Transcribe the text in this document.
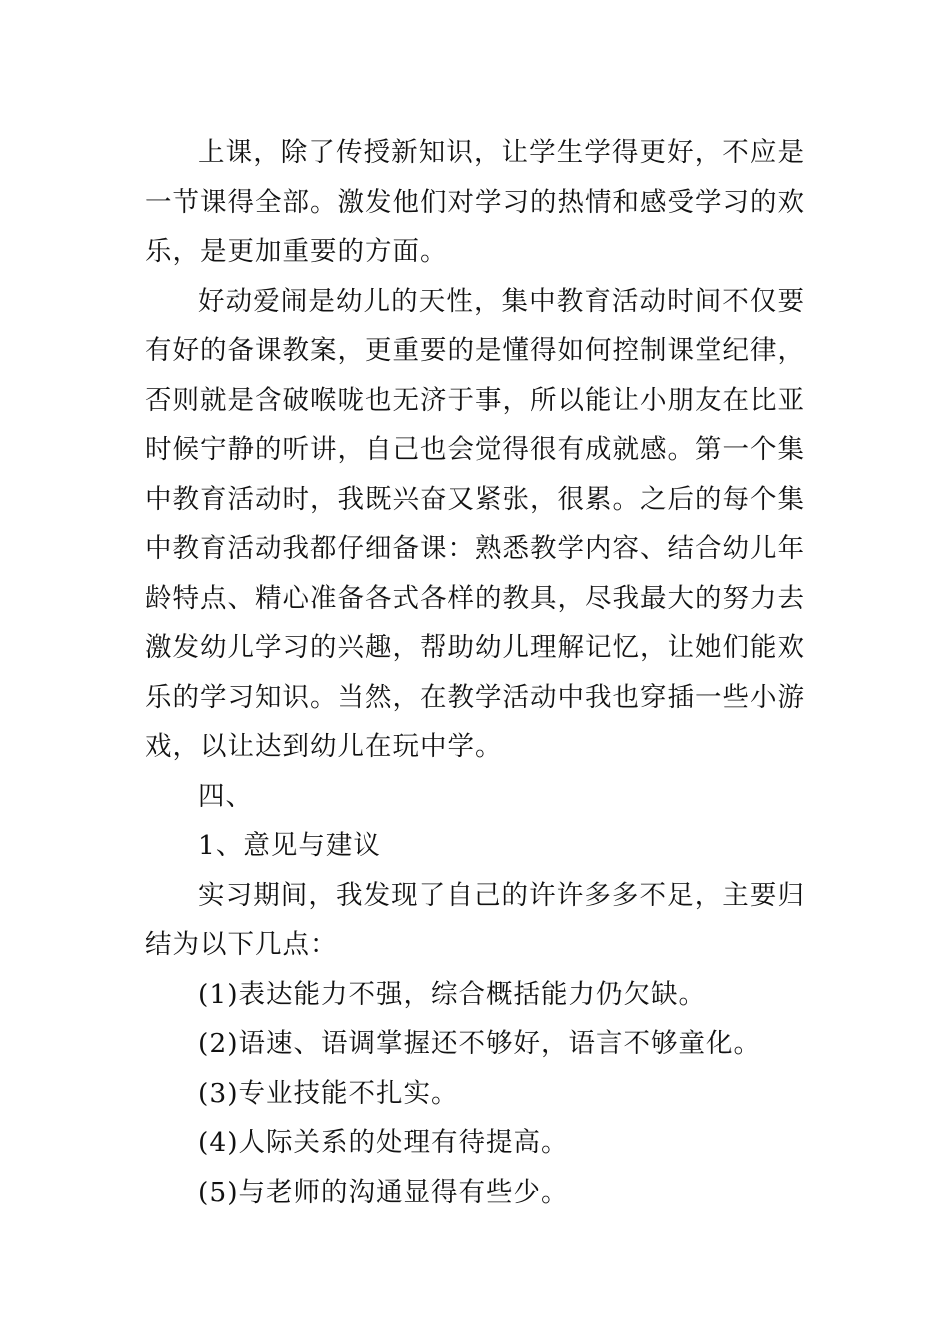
上课，除了传授新知识，让学生学得更好，不应是一节课得全部。激发他们对学习的热情和感受学习的欢乐，是更加重要的方面。

好动爱闹是幼儿的天性，集中教育活动时间不仅要有好的备课教案，更重要的是懂得如何控制课堂纪律，否则就是含破喉咙也无济于事，所以能让小朋友在比亚时候宁静的听讲，自己也会觉得很有成就感。第一个集中教育活动时，我既兴奋又紧张，很累。之后的每个集中教育活动我都仔细备课：熟悉教学内容、结合幼儿年龄特点、精心准备各式各样的教具，尽我最大的努力去激发幼儿学习的兴趣，帮助幼儿理解记忆，让她们能欢乐的学习知识。当然，在教学活动中我也穿插一些小游戏，以让达到幼儿在玩中学。

四、

1、意见与建议

实习期间，我发现了自己的许许多多不足，主要归结为以下几点：

(1)表达能力不强，综合概括能力仍欠缺。

(2)语速、语调掌握还不够好，语言不够童化。

(3)专业技能不扎实。

(4)人际关系的处理有待提高。

(5)与老师的沟通显得有些少。
